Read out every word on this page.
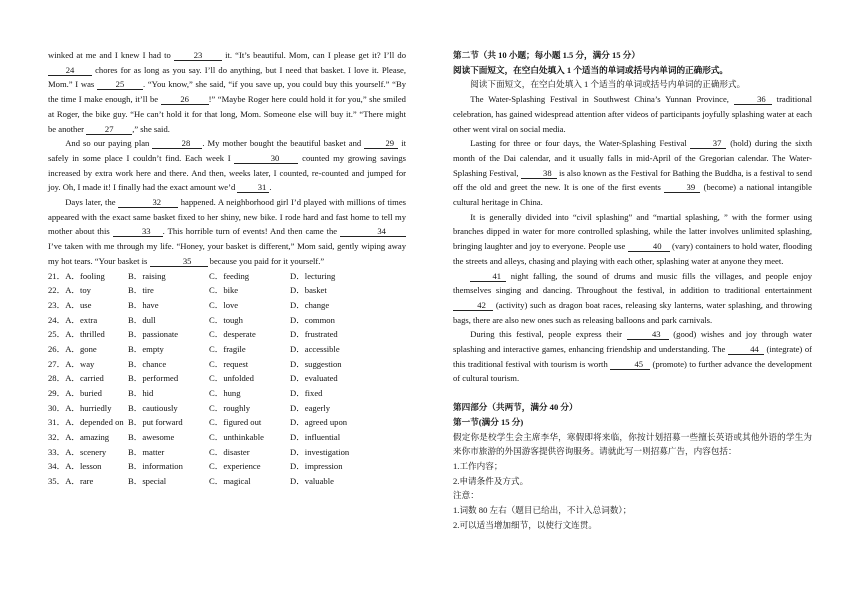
winked at me and I knew I had to 23 it. “It’s beautiful. Mom, can I please get it? I’ll do 24 chores for as long as you say. I’ll do anything, but I need that basket. I love it. Please, Mom.” I was 25 . “You know,” she said, “if you save up, you could buy this yourself.” “By the time I make enough, it’ll be 26 !” “Maybe Roger here could hold it for you,” she smiled at Roger, the bike guy. “He can’t hold it for that long, Mom. Someone else will buy it.” “There might be another 27 ,” she said.

And so our paying plan	28 . My mother bought the beautiful basket and 29 it safely in some place I couldn’t find. Each week I	30 counted my growing savings increased by extra work here and there. And then, weeks later, I counted, re-counted and jumped for joy. Oh, I made it! I finally had the exact amount we’d 31 .

Days later, the	32 happened. A neighborhood girl I’d played with millions of times appeared with the exact same basket fixed to her shiny, new bike. I rode hard and fast home to tell my mother about this	33 . This horrible turn of events! And then came the	34 I’ve taken with me through my life. “Honey, your basket is different,” Mom said, gently wiping away my hot tears. “Your basket is	35 because you paid for it yourself.”

21．A．fooling	B．raising	C．feeding	D．lecturing
22．A．toy	B．tire	C．bike	D．basket
23．A．use	B．have	C．love	D．change
24．A．extra	B．dull	C．tough	D．common
25．A．thrilled	B．passionate	C．desperate	D．frustrated
26．A．gone	B．empty	C．fragile	D．accessible
27．A．way	B．chance	C．request	D．suggestion
28．A．carried	B．performed	C．unfolded	D．evaluated
29．A．buried	B．hid	C．hung	D．fixed
30．A．hurriedly	B．cautiously	C．roughly	D．eagerly
31．A．depended on B．put forward	C．figured out	D．agreed upon
32．A．amazing	B．awesome	C．unthinkable	D．influential
33．A．scenery	B．matter	C．disaster	D．investigation
34．A．lesson	B．information	C．experience	D．impression
35．A．rare	B．special	C．magical	D．valuable

第二节（共 10 小题；每小题 1.5 分，满分 15 分）

阅读下面短文，在空白处填入 1 个适当的单词或括号内单词的正确形式。

阅读下面短文，在空白处填入 1 个适当的单词或括号内单词的正确形式。

The Water-Splashing Festival in Southwest China’s Yunnan Province,	36 traditional celebration, has gained widespread attention after videos of participants joyfully splashing water at each other went viral on social media.

Lasting for three or four days, the Water-Splashing Festival	37 (hold) during the sixth month of the Dai calendar, and it usually falls in mid-April of the Gregorian calendar. The Water-Splashing Festival,	38 is also known as the Festival for Bathing the Buddha, is a festival to send off the old and greet the new. It is one of the first events	39 (become) a national intangible cultural heritage in China.

It is generally divided into “civil splashing” and “martial splashing, ” with the former using branches dipped in water for more controlled splashing, while the latter involves unlimited splashing, bringing laughter and joy to everyone. People use	40 (vary) containers to hold water, flooding the streets and alleys, chasing and playing with each other, splashing water at anyone they meet.

41 night falling, the sound of drums and music fills the villages, and people enjoy themselves singing and dancing. Throughout the festival, in addition to traditional entertainment 42 (activity) such as dragon boat races, releasing sky lanterns, water splashing, and throwing bags, there are also new ones such as releasing balloons and park carnivals.

During this festival, people express their	43 (good) wishes and joy through water splashing and interactive games, enhancing friendship and understanding. The	44 (integrate) of this traditional festival with tourism is worth	45 (promote) to further advance the development of cultural tourism.

第四部分（共两节，满分 40 分）

第一节(满分 15 分)

假定你是校学生会主席李华，寒假即将来临，你按计划招募一些擅长英语或其他外语的学生为来你市旅游的外国游客提供咨询服务。请就此写一则招募广告，内容包括：

1.工作内容；

2.申请条件及方式。

注意：

1.词数 80 左右（题目已给出，不计入总词数）；

2.可以适当增加细节，以使行文连贯。
